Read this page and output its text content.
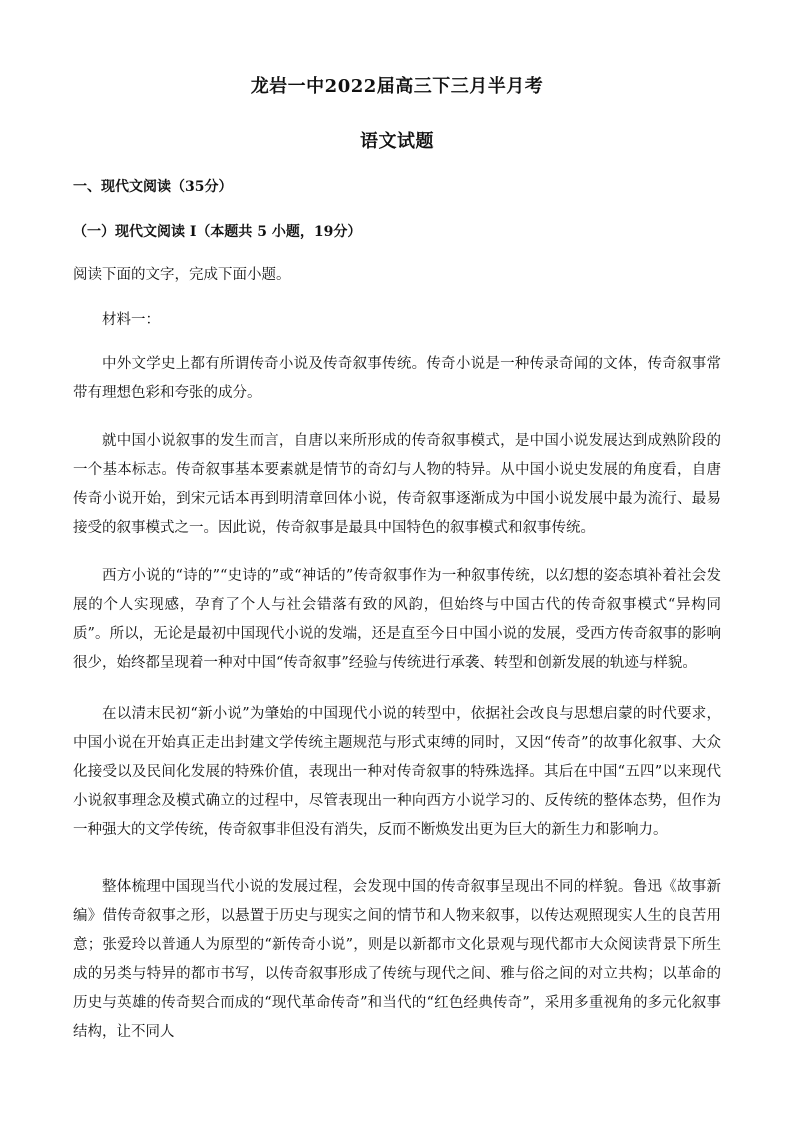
龙岩一中2022届高三下三月半月考
语文试题
一、现代文阅读（35分）
（一）现代文阅读 I（本题共 5 小题，19分）
阅读下面的文字，完成下面小题。
材料一：
中外文学史上都有所谓传奇小说及传奇叙事传统。传奇小说是一种传录奇闻的文体，传奇叙事常带有理想色彩和夸张的成分。
就中国小说叙事的发生而言，自唐以来所形成的传奇叙事模式，是中国小说发展达到成熟阶段的一个基本标志。传奇叙事基本要素就是情节的奇幻与人物的特异。从中国小说史发展的角度看，自唐传奇小说开始，到宋元话本再到明清章回体小说，传奇叙事逐渐成为中国小说发展中最为流行、最易接受的叙事模式之一。因此说，传奇叙事是最具中国特色的叙事模式和叙事传统。
西方小说的“诗的”“史诗的”或“神话的”传奇叙事作为一种叙事传统，以幻想的姿态填补着社会发展的个人实现感，孕育了个人与社会错落有致的风韵，但始终与中国古代的传奇叙事模式“异构同质”。所以，无论是最初中国现代小说的发端，还是直至今日中国小说的发展，受西方传奇叙事的影响很少，始终都呈现着一种对中国“传奇叙事”经验与传统进行承袭、转型和创新发展的轨迹与样貌。
在以清末民初“新小说”为肇始的中国现代小说的转型中，依据社会改良与思想启蒙的时代要求，中国小说在开始真正走出封建文学传统主题规范与形式束缚的同时，又因“传奇”的故事化叙事、大众化接受以及民间化发展的特殊价值，表现出一种对传奇叙事的特殊选择。其后在中国“五四”以来现代小说叙事理念及模式确立的过程中，尽管表现出一种向西方小说学习的、反传统的整体态势，但作为一种强大的文学传统，传奇叙事非但没有消失，反而不断焕发出更为巨大的新生力和影响力。
整体梳理中国现当代小说的发展过程，会发现中国的传奇叙事呈现出不同的样貌。鲁迅《故事新编》借传奇叙事之形，以悬置于历史与现实之间的情节和人物来叙事，以传达观照现实人生的良苦用意；张爱玲以普通人为原型的“新传奇小说”，则是以新都市文化景观与现代都市大众阅读背景下所生成的另类与特异的都市书写，以传奇叙事形成了传统与现代之间、雅与俗之间的对立共构；以革命的历史与英雄的传奇契合而成的“现代革命传奇”和当代的“红色经典传奇”，采用多重视角的多元化叙事结构，让不同人
